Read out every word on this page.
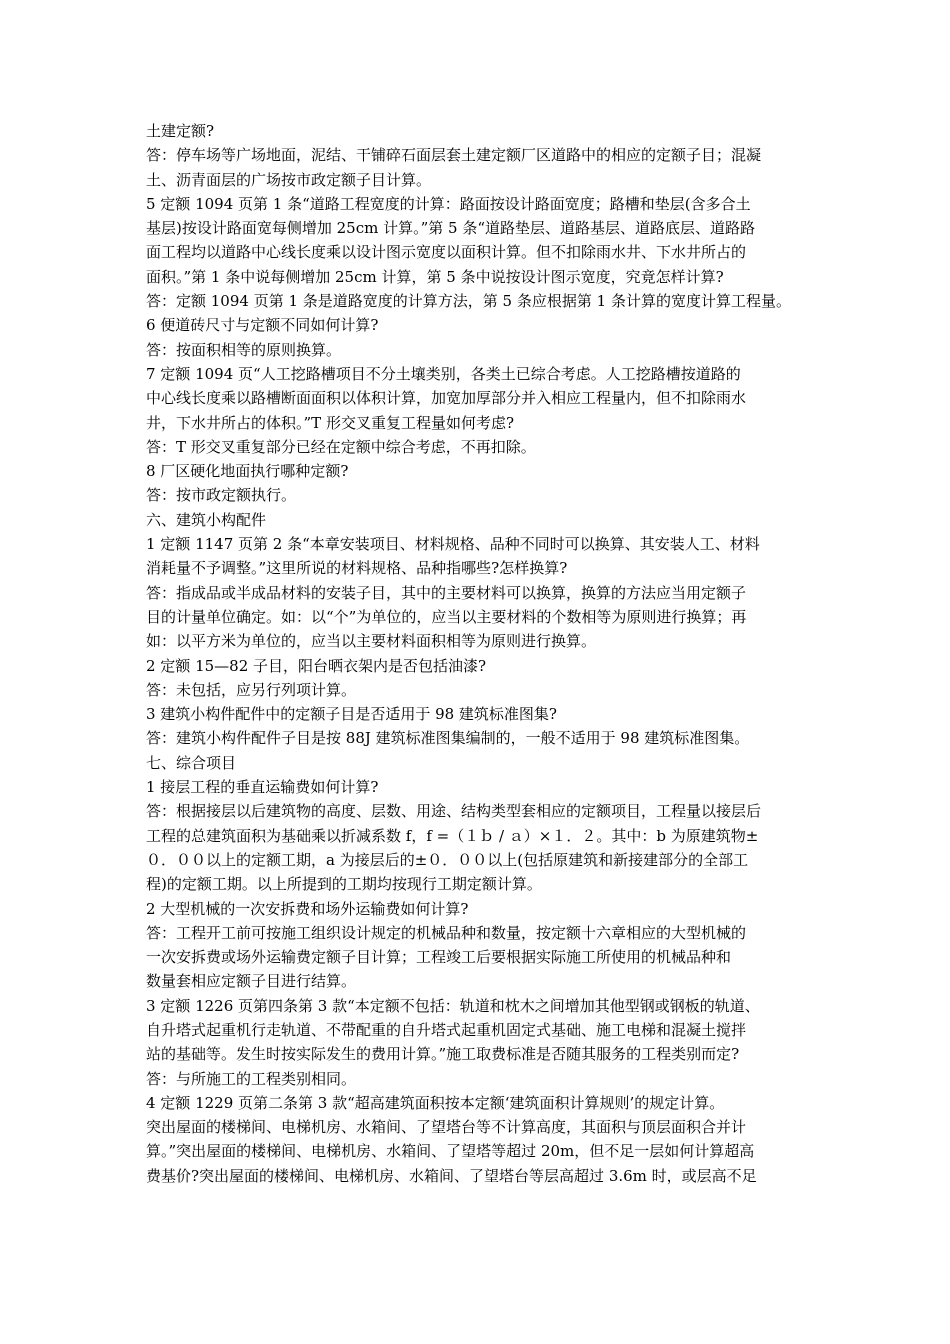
土建定额?
答：停车场等广场地面，泥结、干铺碎石面层套土建定额厂区道路中的相应的定额子目；混凝
土、沥青面层的广场按市政定额子目计算。
5 定额 1094 页第 1 条“道路工程宽度的计算：路面按设计路面宽度；路槽和垫层(含多合土
基层)按设计路面宽每侧增加 25cm 计算。”第 5 条“道路垫层、道路基层、道路底层、道路路
面工程均以道路中心线长度乘以设计图示宽度以面积计算。但不扣除雨水井、下水井所占的
面积。”第 1 条中说每侧增加 25cm 计算，第 5 条中说按设计图示宽度，究竟怎样计算?
答：定额 1094 页第 1 条是道路宽度的计算方法，第 5 条应根据第 1 条计算的宽度计算工程量。
6 便道砖尺寸与定额不同如何计算?
答：按面积相等的原则换算。
7 定额 1094 页“人工挖路槽项目不分土壤类别，各类土已综合考虑。人工挖路槽按道路的
中心线长度乘以路槽断面面积以体积计算，加宽加厚部分并入相应工程量内，但不扣除雨水
井，下水井所占的体积。”T 形交叉重复工程量如何考虑?
答：T 形交叉重复部分已经在定额中综合考虑，不再扣除。
8 厂区硬化地面执行哪种定额?
答：按市政定额执行。
六、建筑小构配件
1 定额 1147 页第 2 条“本章安装项目、材料规格、品种不同时可以换算、其安装人工、材料
消耗量不予调整。”这里所说的材料规格、品种指哪些?怎样换算?
答：指成品或半成品材料的安装子目，其中的主要材料可以换算，换算的方法应当用定额子
目的计量单位确定。如：以“个”为单位的，应当以主要材料的个数相等为原则进行换算；再
如：以平方米为单位的，应当以主要材料面积相等为原则进行换算。
2 定额 15—82 子目，阳台晒衣架内是否包括油漆?
答：未包括，应另行列项计算。
3 建筑小构件配件中的定额子目是否适用于 98 建筑标准图集?
答：建筑小构件配件子目是按 88J 建筑标准图集编制的，一般不适用于 98 建筑标准图集。
七、综合项目
1 接层工程的垂直运输费如何计算?
答：根据接层以后建筑物的高度、层数、用途、结构类型套相应的定额项目，工程量以接层后
工程的总建筑面积为基础乘以折减系数 f，f =（１ｂ / ａ）×１．２。其中：b 为原建筑物±
０．００以上的定额工期，a 为接层后的±０．００以上(包括原建筑和新接建部分的全部工
程)的定额工期。以上所提到的工期均按现行工期定额计算。
2 大型机械的一次安拆费和场外运输费如何计算?
答：工程开工前可按施工组织设计规定的机械品种和数量，按定额十六章相应的大型机械的
一次安拆费或场外运输费定额子目计算；工程竣工后要根据实际施工所使用的机械品种和
数量套相应定额子目进行结算。
3 定额 1226 页第四条第 3 款“本定额不包括：轨道和枕木之间增加其他型钢或钢板的轨道、
自升塔式起重机行走轨道、不带配重的自升塔式起重机固定式基础、施工电梯和混凝土搅拌
站的基础等。发生时按实际发生的费用计算。”施工取费标准是否随其服务的工程类别而定?
答：与所施工的工程类别相同。
4 定额 1229 页第二条第 3 款“超高建筑面积按本定额‘建筑面积计算规则’的规定计算。
突出屋面的楼梯间、电梯机房、水箱间、了望塔台等不计算高度，其面积与顶层面积合并计
算。”突出屋面的楼梯间、电梯机房、水箱间、了望塔等超过 20m，但不足一层如何计算超高
费基价?突出屋面的楼梯间、电梯机房、水箱间、了望塔台等层高超过 3.6m 时，或层高不足
